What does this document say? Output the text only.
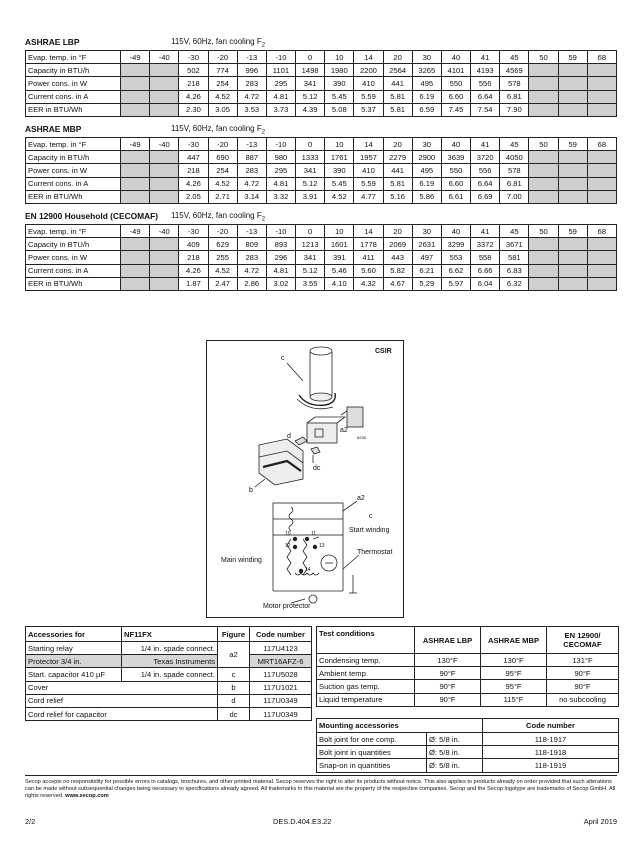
ASHRAE LBP	115V, 60Hz, fan cooling $F_2$
Evap. temp. in °F	-49	-40	-30	-20	-13	-10	0	10	14	20	30	40	41	45	50	59	68
Capacity in BTU/h			502	774	996	1101	1498	1980	2200	2564	3265	4101	4193	4569			
Power cons. in W			218	254	283	295	341	390	410	441	495	550	556	578			
Current cons. in A			4.26	4.52	4.72	4.81	5.12	5.45	5.59	5.81	6.19	6.60	6.64	6.81			
EER in BTU/Wh			2.30	3.05	3.53	3.73	4.39	5.08	5.37	5.81	6.59	7.45	7.54	7.90			
ASHRAE MBP	115V, 60Hz, fan cooling $F_2$
Evap. temp. in °F	-49	-40	-30	-20	-13	-10	0	10	14	20	30	40	41	45	50	59	68
Capacity in BTU/h			447	690	887	980	1333	1761	1957	2279	2900	3639	3720	4050			
Power cons. in W			218	254	283	295	341	390	410	441	495	550	556	578			
Current cons. in A			4.26	4.52	4.72	4.81	5.12	5.45	5.59	5.81	6.19	6.60	6.64	6.81			
EER in BTU/Wh			2.05	2.71	3.14	3.32	3.91	4.52	4.77	5.16	5.86	6.61	6.69	7.00			
EN 12900 Household (CECOMAF) 115V, 60Hz, fan cooling $F_2$
Evap. temp. in °F	-49	-40	-30	-20	-13	-10	0	10	14	20	30	40	41	45	50	59	68
Capacity in BTU/h			409	629	809	893	1213	1601	1778	2069	2631	3299	3372	3671			
Power cons. in W			218	255	283	296	341	391	411	443	497	553	558	581			
Current cons. in A			4.26	4.52	4.72	4.81	5.12	5.46	5.60	5.82	6.21	6.62	6.66	6.83			
EER in BTU/Wh			1.87	2.47	2.86	3.02	3.55	4.10	4.32	4.67	5.29	5.97	6.04	6.32			
CSIR
c
a2
8235
d
dc
b
a2
c
Start winding
Main winding
Thermostat
Motor protector
10	11
12	13
14
Accessories for	NF11FX	Figure	Code number
Starting relay	1/4 in. spade connect.	a2	117U4123
Protector 3/4 in.	Texas Instruments		MRT16AFZ-6
Start. capacitor 410 µF	1/4 in. spade connect.	c	117U5028
Cover		b	117U1021
Cord relief		d	117U0349
Cord relief for capacitor		dc	117U0349
Test conditions	ASHRAE LBP	ASHRAE MBP	EN 12900/ CECOMAF
Condensing temp.	130°F	130°F	131°F
Ambient temp.	90°F	95°F	90°F
Suction gas temp.	90°F	95°F	90°F
Liquid temperature	90°F	115°F	no subcooling
Mounting accessories		Code number
Bolt joint for one comp.	Ø: 5/8 in.	118-1917
Bolt joint in quantities	Ø: 5/8 in.	118-1918
Snap-on in quantities	Ø: 5/8 in.	118-1919
Secop accepts no responsibility for possible errors in catalogs, brochures, and other printed material. Secop reserves the right to alter its products without notice. This also applies to products already on order provided that such alterations can be made without subsequential changes being necessary to specifications already agreed. All trademarks in this material are the property of the respective companies. Secop and the Secop logotype are trademarks of Secop GmbH. All rights reserved. www.secop.com
2/2	DES.D.404.E3.22	April 2019
